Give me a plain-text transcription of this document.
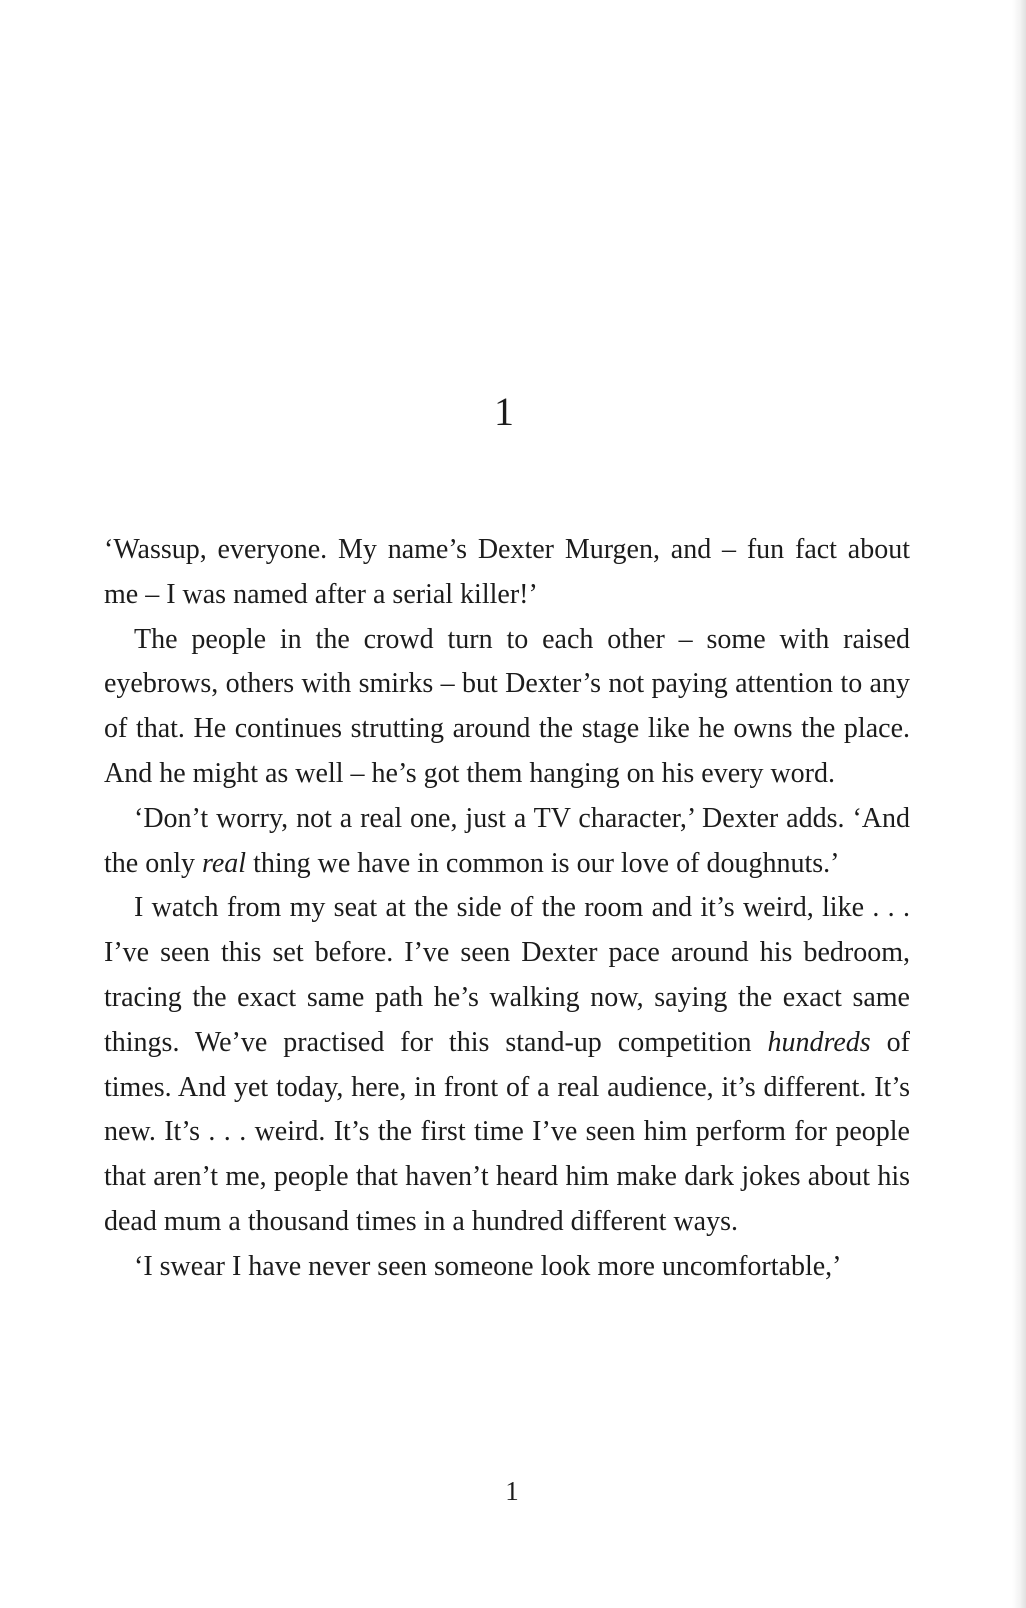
1

‘Wassup, everyone. My name’s Dexter Murgen, and – fun fact about me – I was named after a serial killer!’

The people in the crowd turn to each other – some with raised eyebrows, others with smirks – but Dexter’s not paying attention to any of that. He continues strutting around the stage like he owns the place. And he might as well – he’s got them hanging on his every word.

‘Don’t worry, not a real one, just a TV character,’ Dexter adds. ‘And the only real thing we have in common is our love of doughnuts.’

I watch from my seat at the side of the room and it’s weird, like . . . I’ve seen this set before. I’ve seen Dexter pace around his bedroom, tracing the exact same path he’s walking now, saying the exact same things. We’ve practised for this stand-up competition hundreds of times. And yet today, here, in front of a real audience, it’s different. It’s new. It’s . . . weird. It’s the first time I’ve seen him perform for people that aren’t me, people that haven’t heard him make dark jokes about his dead mum a thousand times in a hundred different ways.

‘I swear I have never seen someone look more uncomfortable,’

1
